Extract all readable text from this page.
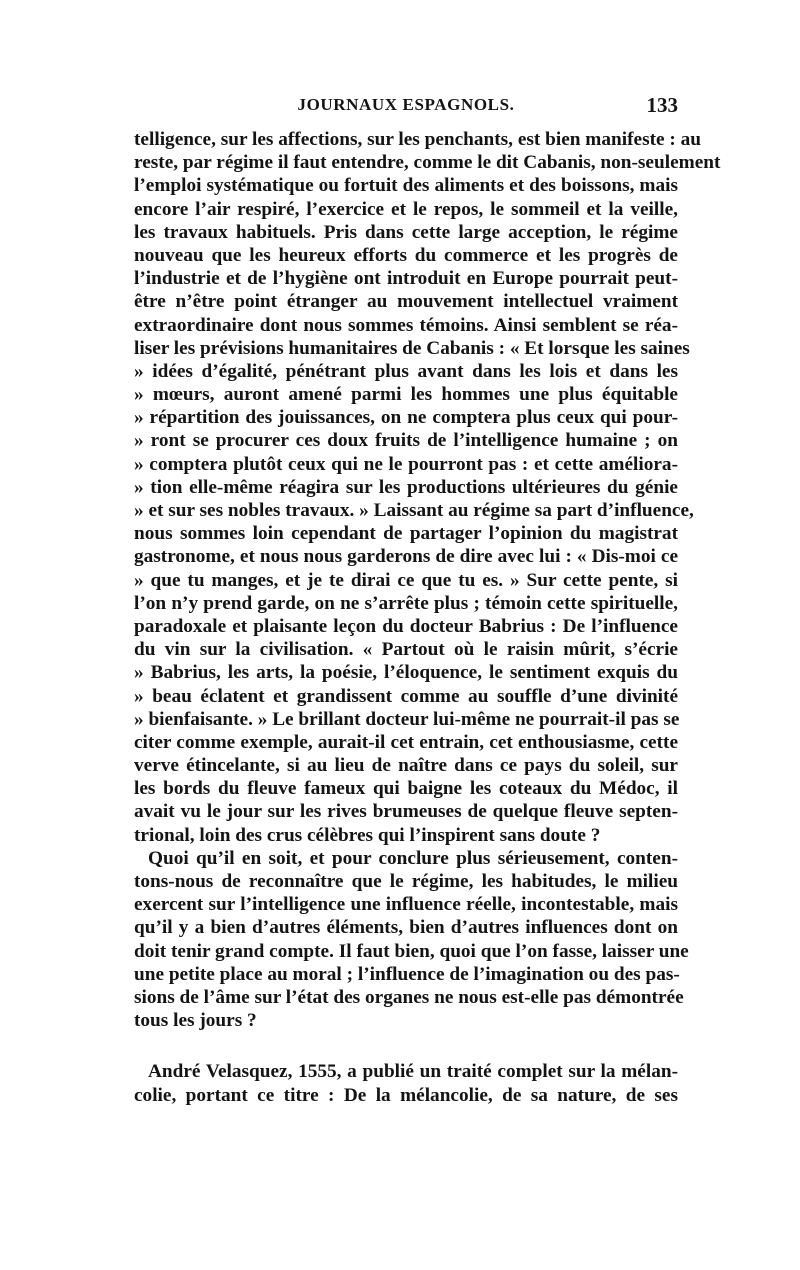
JOURNAUX ESPAGNOLS.	133
telligence, sur les affections, sur les penchants, est bien manifeste : au
reste, par régime il faut entendre, comme le dit Cabanis, non-seulement
l’emploi systématique ou fortuit des aliments et des boissons, mais
encore l’air respiré, l’exercice et le repos, le sommeil et la veille,
les travaux habituels. Pris dans cette large acception, le régime
nouveau que les heureux efforts du commerce et les progrès de
l’industrie et de l’hygiène ont introduit en Europe pourrait peut-
être n’être point étranger au mouvement intellectuel vraiment
extraordinaire dont nous sommes témoins. Ainsi semblent se réa-
liser les prévisions humanitaires de Cabanis : « Et lorsque les saines
» idées d’égalité, pénétrant plus avant dans les lois et dans les
» mœurs, auront amené parmi les hommes une plus équitable
» répartition des jouissances, on ne comptera plus ceux qui pour-
» ront se procurer ces doux fruits de l’intelligence humaine ; on
» comptera plutôt ceux qui ne le pourront pas : et cette améliora-
» tion elle-même réagira sur les productions ultérieures du génie
» et sur ses nobles travaux. » Laissant au régime sa part d’influence,
nous sommes loin cependant de partager l’opinion du magistrat
gastronome, et nous nous garderons de dire avec lui : « Dis-moi ce
» que tu manges, et je te dirai ce que tu es. » Sur cette pente, si
l’on n’y prend garde, on ne s’arrête plus ; témoin cette spirituelle,
paradoxale et plaisante leçon du docteur Babrius : De l’influence
du vin sur la civilisation. « Partout où le raisin mûrit, s’écrie
» Babrius, les arts, la poésie, l’éloquence, le sentiment exquis du
» beau éclatent et grandissent comme au souffle d’une divinité
» bienfaisante. » Le brillant docteur lui-même ne pourrait-il pas se
citer comme exemple, aurait-il cet entrain, cet enthousiasme, cette
verve étincelante, si au lieu de naître dans ce pays du soleil, sur
les bords du fleuve fameux qui baigne les coteaux du Médoc, il
avait vu le jour sur les rives brumeuses de quelque fleuve septen-
trional, loin des crus célèbres qui l’inspirent sans doute ?
Quoi qu’il en soit, et pour conclure plus sérieusement, conten-
tons-nous de reconnaître que le régime, les habitudes, le milieu
exercent sur l’intelligence une influence réelle, incontestable, mais
qu’il y a bien d’autres éléments, bien d’autres influences dont on
doit tenir grand compte. Il faut bien, quoi que l’on fasse, laisser une
une petite place au moral ; l’influence de l’imagination ou des pas-
sions de l’âme sur l’état des organes ne nous est-elle pas démontrée
tous les jours ?
André Velasquez, 1555, a publié un traité complet sur la mélan-
colie, portant ce titre : De la mélancolie, de sa nature, de ses
